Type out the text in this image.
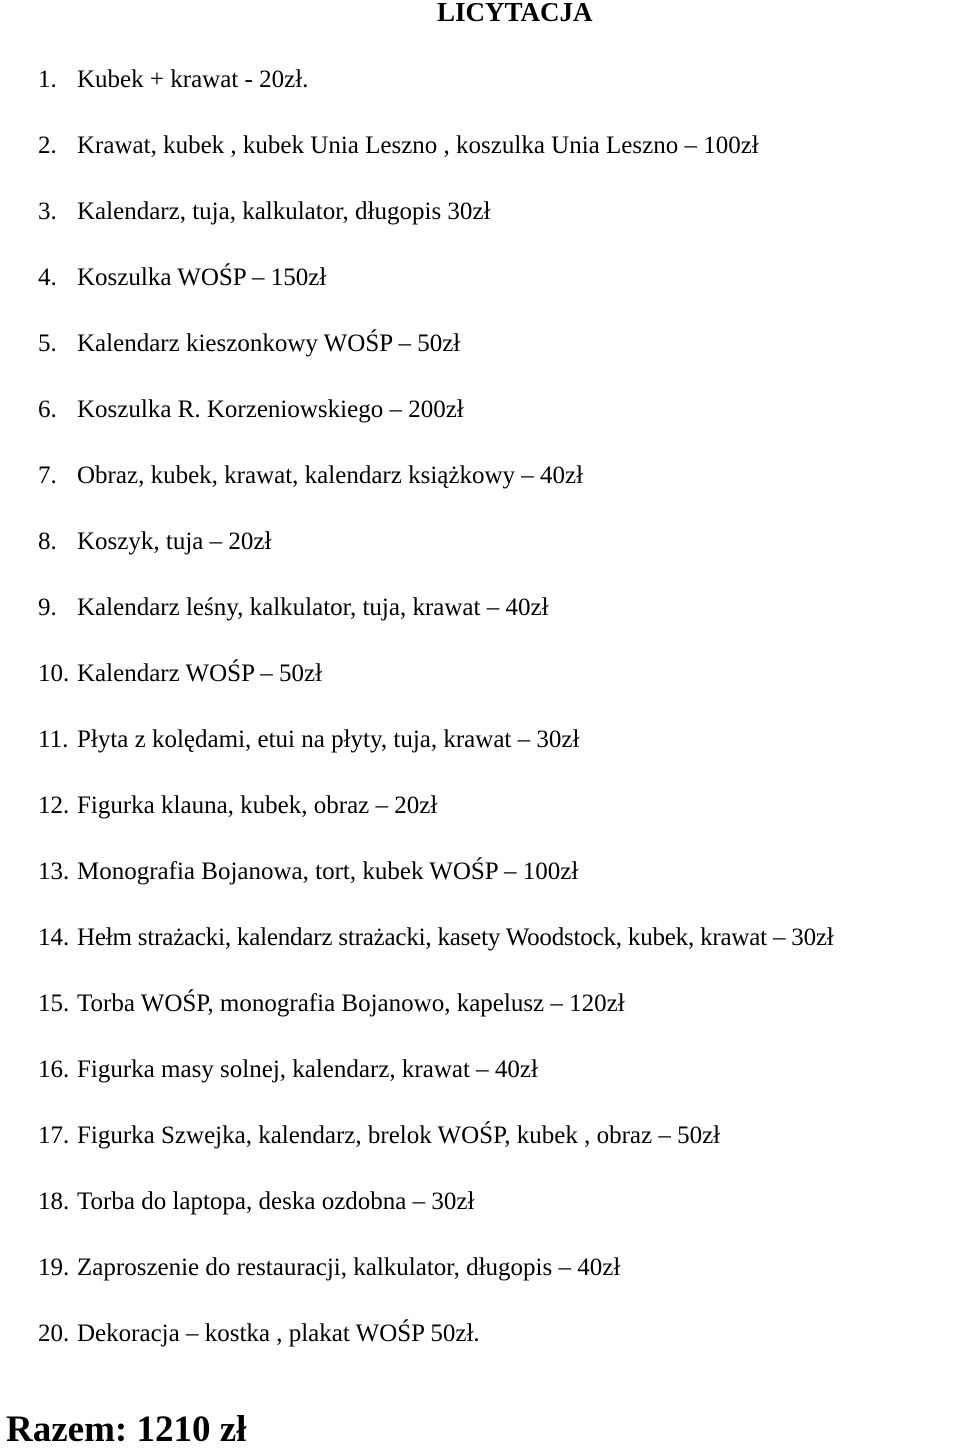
LICYTACJA
1. Kubek + krawat - 20zł.
2. Krawat, kubek , kubek Unia Leszno , koszulka Unia Leszno – 100zł
3. Kalendarz, tuja, kalkulator, długopis 30zł
4. Koszulka WOŚP – 150zł
5. Kalendarz kieszonkowy WOŚP – 50zł
6. Koszulka R. Korzeniowskiego – 200zł
7. Obraz, kubek, krawat, kalendarz książkowy – 40zł
8. Koszyk, tuja – 20zł
9. Kalendarz leśny, kalkulator, tuja, krawat – 40zł
10. Kalendarz WOŚP – 50zł
11. Płyta z kolędami, etui na płyty, tuja, krawat – 30zł
12. Figurka klauna, kubek, obraz – 20zł
13. Monografia Bojanowa, tort, kubek WOŚP – 100zł
14. Hełm strażacki, kalendarz strażacki, kasety Woodstock, kubek, krawat – 30zł
15. Torba WOŚP, monografia Bojanowo, kapelusz – 120zł
16. Figurka masy solnej, kalendarz, krawat – 40zł
17. Figurka Szwejka, kalendarz, brelok WOŚP, kubek , obraz – 50zł
18. Torba do laptopa, deska ozdobna – 30zł
19. Zaproszenie do restauracji, kalkulator, długopis – 40zł
20. Dekoracja – kostka , plakat WOŚP 50zł.
Razem: 1210 zł
